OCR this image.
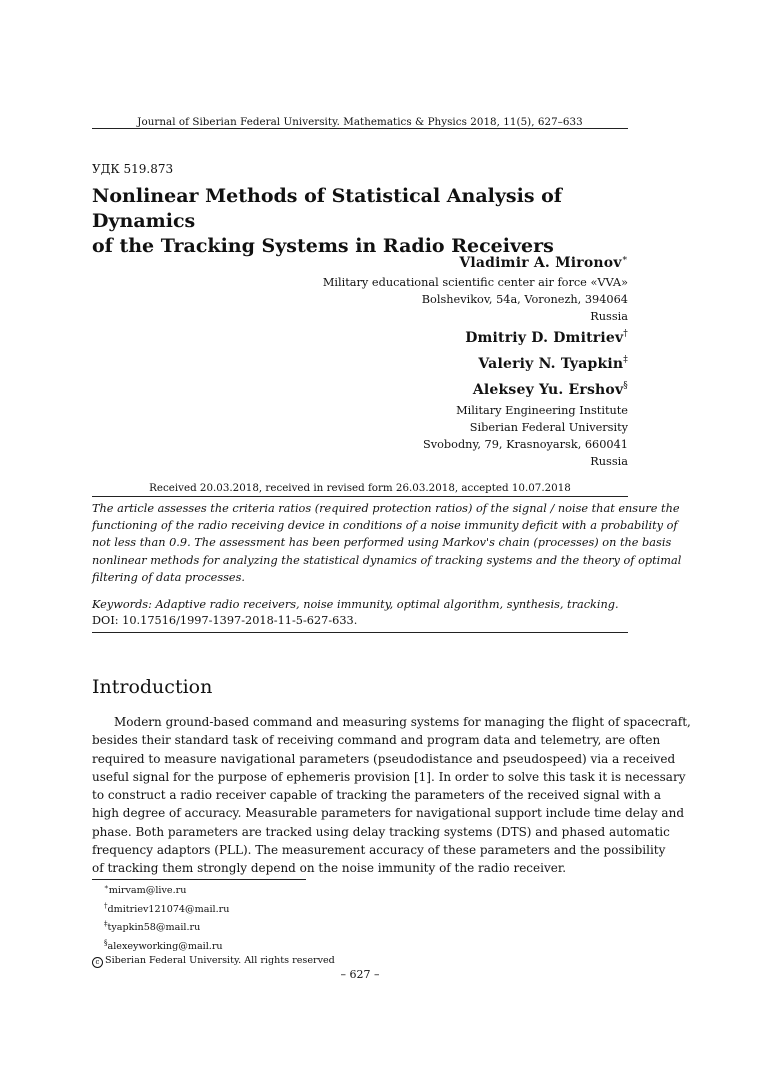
Journal of Siberian Federal University. Mathematics & Physics 2018, 11(5), 627–633
УДК 519.873
Nonlinear Methods of Statistical Analysis of Dynamics
of the Tracking Systems in Radio Receivers
Vladimir A. Mironov∗
Military educational scientific center air force «VVA»
Bolshevikov, 54a, Voronezh, 394064
Russia
Dmitriy D. Dmitriev†
Valeriy N. Tyapkin‡
Aleksey Yu. Ershov§
Military Engineering Institute
Siberian Federal University
Svobodny, 79, Krasnoyarsk, 660041
Russia
Received 20.03.2018, received in revised form 26.03.2018, accepted 10.07.2018
The article assesses the criteria ratios (required protection ratios) of the signal / noise that ensure the
functioning of the radio receiving device in conditions of a noise immunity deficit with a probability of
not less than 0.9. The assessment has been performed using Markov's chain (processes) on the basis
nonlinear methods for analyzing the statistical dynamics of tracking systems and the theory of optimal
filtering of data processes.
Keywords: Adaptive radio receivers, noise immunity, optimal algorithm, synthesis, tracking.
DOI: 10.17516/1997-1397-2018-11-5-627-633.
Introduction
Modern ground-based command and measuring systems for managing the flight of spacecraft,
besides their standard task of receiving command and program data and telemetry, are often
required to measure navigational parameters (pseudodistance and pseudospeed) via a received
useful signal for the purpose of ephemeris provision [1]. In order to solve this task it is necessary
to construct a radio receiver capable of tracking the parameters of the received signal with a
high degree of accuracy. Measurable parameters for navigational support include time delay and
phase. Both parameters are tracked using delay tracking systems (DTS) and phased automatic
frequency adaptors (PLL). The measurement accuracy of these parameters and the possibility
of tracking them strongly depend on the noise immunity of the radio receiver.
∗mirvam@live.ru
†dmitriev121074@mail.ru
‡tyapkin58@mail.ru
§alexeyworking@mail.ru
c Siberian Federal University. All rights reserved
– 627 –
